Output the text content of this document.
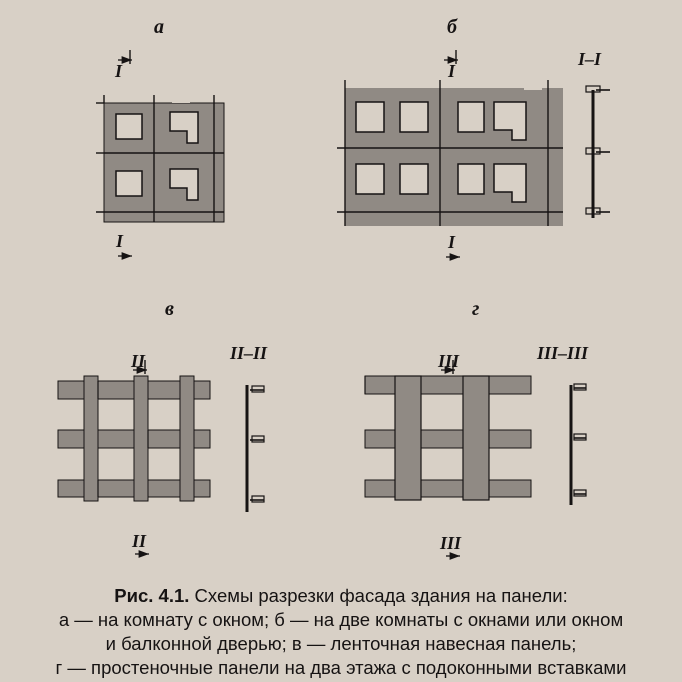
а	б
в	г
I
I
I
I
I–I
II
II
II–II	III
III
III–III
Рис. 4.1. Схемы разрезки фасада здания на панели:
а — на комнату с окном; б — на две комнаты с окнами или окном
и балконной дверью; в — ленточная навесная панель;
г — простеночные панели на два этажа с подоконными вставками
